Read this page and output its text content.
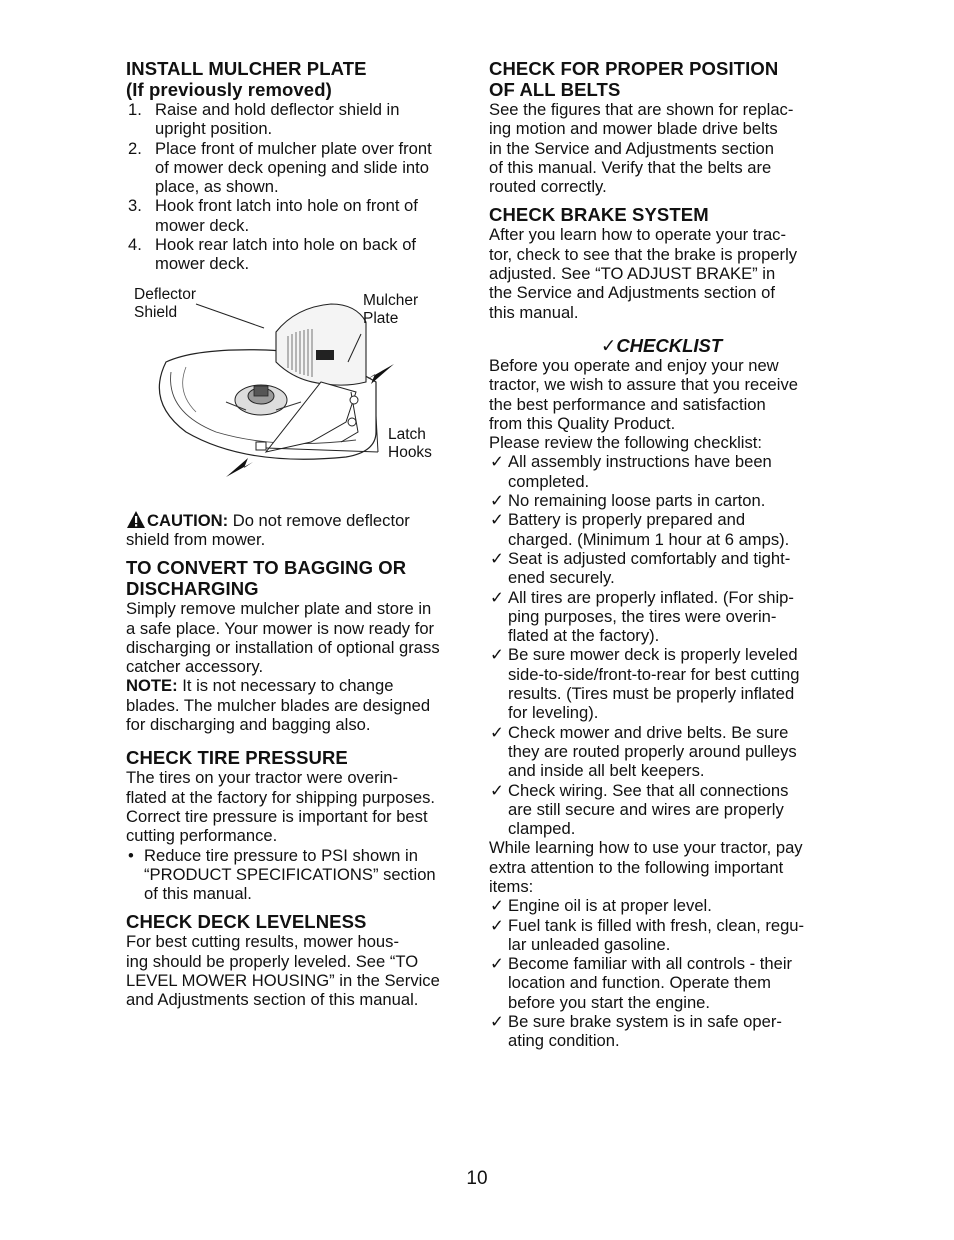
INSTALL MULCHER PLATE
(If previously removed)
1. Raise and hold deflector shield in
upright position.
2. Place front of mulcher plate over front
of mower deck opening and slide into
place, as shown.
3. Hook front latch into hole on front of
mower deck.
4. Hook rear latch into hole on back of
mower deck.
Deflector
Shield
Mulcher
Plate
Latch
Hooks
CAUTION: Do not remove deflector
shield from mower.
TO CONVERT TO BAGGING OR
DISCHARGING
Simply remove mulcher plate and store in
a safe place. Your mower is now ready for
discharging or installation of optional grass
catcher accessory.
NOTE: It is not necessary to change
blades. The mulcher blades are designed
for discharging and bagging also.
CHECK TIRE PRESSURE
The tires on your tractor were overin-
flated at the factory for shipping purposes.
Correct tire pressure is important for best
cutting performance.
• Reduce tire pressure to PSI shown in
“PRODUCT SPECIFICATIONS” section
of this manual.
CHECK DECK LEVELNESS
For best cutting results, mower hous-
ing should be properly leveled. See “TO
LEVEL MOWER HOUSING” in the Service
and Adjustments section of this manual.
CHECK FOR PROPER POSITION
OF ALL BELTS
See the figures that are shown for replac-
ing motion and mower blade drive belts
in the Service and Adjustments section
of this manual. Verify that the belts are
routed correctly.
CHECK BRAKE SYSTEM
After you learn how to operate your trac-
tor, check to see that the brake is properly
adjusted. See “TO ADJUST BRAKE” in
the Service and Adjustments section of
this manual.
✓CHECKLIST
Before you operate and enjoy your new
tractor, we wish to assure that you receive
the best performance and satisfaction
from this Quality Product.
Please review the following checklist:
✓ All assembly instructions have been
completed.
✓ No remaining loose parts in carton.
✓ Battery is properly prepared and
charged. (Minimum 1 hour at 6 amps).
✓ Seat is adjusted comfortably and tight-
ened securely.
✓ All tires are properly inflated. (For ship-
ping purposes, the tires were overin-
flated at the factory).
✓ Be sure mower deck is properly leveled
side-to-side/front-to-rear for best cutting
results. (Tires must be properly inflated
for leveling).
✓ Check mower and drive belts. Be sure
they are routed properly around pulleys
and inside all belt keepers.
✓ Check wiring. See that all connections
are still secure and wires are properly
clamped.
While learning how to use your tractor, pay
extra attention to the following important
items:
✓ Engine oil is at proper level.
✓ Fuel tank is filled with fresh, clean, regu-
lar unleaded gasoline.
✓ Become familiar with all controls - their
location and function. Operate them
before you start the engine.
✓ Be sure brake system is in safe oper-
ating condition.
10
